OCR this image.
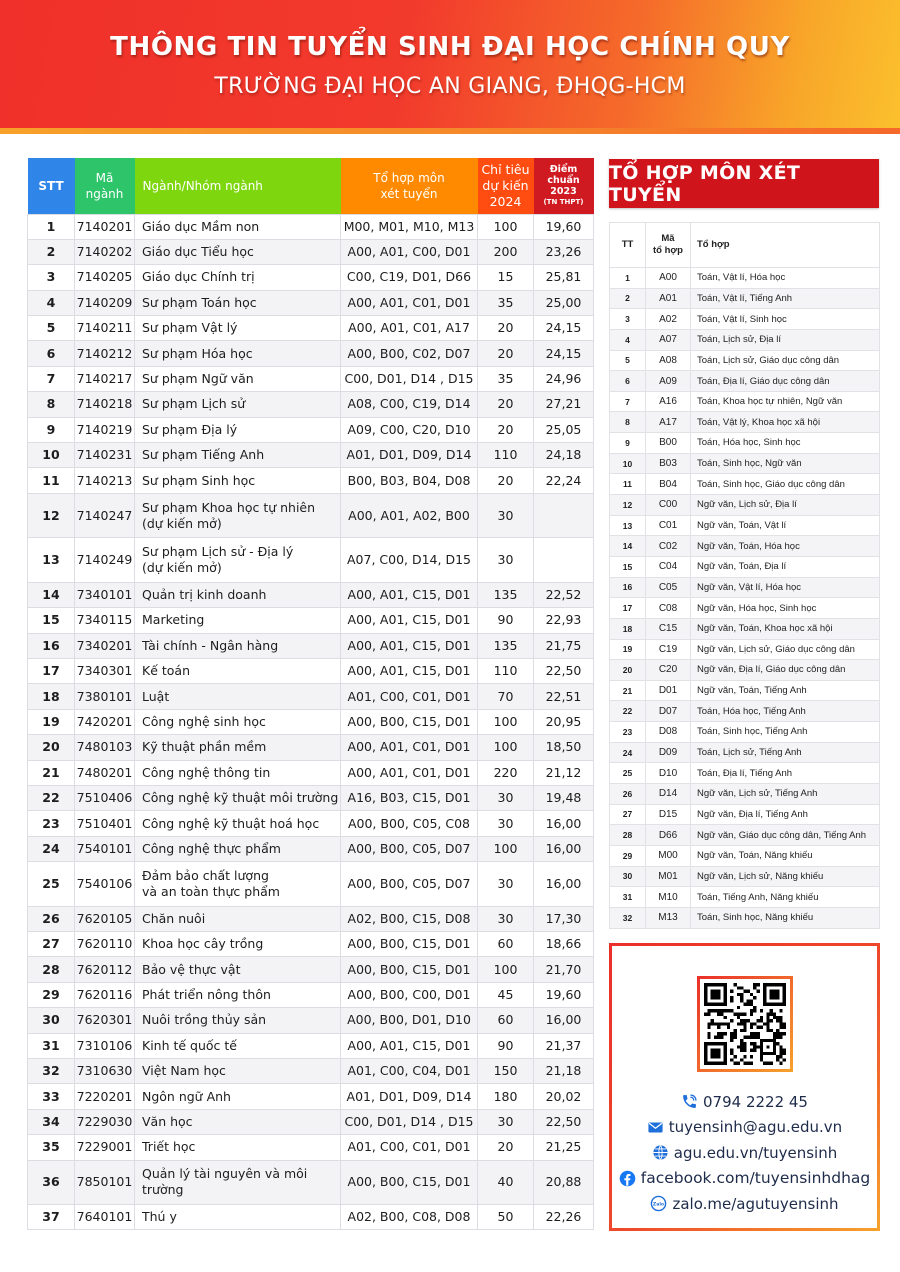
THÔNG TIN TUYỂN SINH ĐẠI HỌC CHÍNH QUY
TRƯỜNG ĐẠI HỌC AN GIANG, ĐHQG-HCM
STT	Mã
ngành	Ngành/Nhóm ngành	Tổ hợp môn
xét tuyển	Chỉ tiêu
dự kiến
2024	Điểm
chuẩn
2023
(TN THPT)

1	7140201	Giáo dục Mầm non	M00, M01, M10, M13	100	19,60
2	7140202	Giáo dục Tiểu học	A00, A01, C00, D01	200	23,26
3	7140205	Giáo dục Chính trị	C00, C19, D01, D66	15	25,81
4	7140209	Sư phạm Toán học	A00, A01, C01, D01	35	25,00
5	7140211	Sư phạm Vật lý	A00, A01, C01, A17	20	24,15
6	7140212	Sư phạm Hóa học	A00, B00, C02, D07	20	24,15
7	7140217	Sư phạm Ngữ văn	C00, D01, D14 , D15	35	24,96
8	7140218	Sư phạm Lịch sử	A08, C00, C19, D14	20	27,21
9	7140219	Sư phạm Địa lý	A09, C00, C20, D10	20	25,05
10	7140231	Sư phạm Tiếng Anh	A01, D01, D09, D14	110	24,18
11	7140213	Sư phạm Sinh học	B00, B03, B04, D08	20	22,24
12	7140247	Sư phạm Khoa học tự nhiên
(dự kiến mở)	A00, A01, A02, B00	30	
13	7140249	Sư phạm Lịch sử - Địa lý
(dự kiến mở)	A07, C00, D14, D15	30	
14	7340101	Quản trị kinh doanh	A00, A01, C15, D01	135	22,52
15	7340115	Marketing	A00, A01, C15, D01	90	22,93
16	7340201	Tài chính - Ngân hàng	A00, A01, C15, D01	135	21,75
17	7340301	Kế toán	A00, A01, C15, D01	110	22,50
18	7380101	Luật	A01, C00, C01, D01	70	22,51
19	7420201	Công nghệ sinh học	A00, B00, C15, D01	100	20,95
20	7480103	Kỹ thuật phần mềm	A00, A01, C01, D01	100	18,50
21	7480201	Công nghệ thông tin	A00, A01, C01, D01	220	21,12
22	7510406	Công nghệ kỹ thuật môi trường	A16, B03, C15, D01	30	19,48
23	7510401	Công nghệ kỹ thuật hoá học	A00, B00, C05, C08	30	16,00
24	7540101	Công nghệ thực phẩm	A00, B00, C05, D07	100	16,00
25	7540106	Đảm bảo chất lượng
và an toàn thực phẩm	A00, B00, C05, D07	30	16,00
26	7620105	Chăn nuôi	A02, B00, C15, D08	30	17,30
27	7620110	Khoa học cây trồng	A00, B00, C15, D01	60	18,66
28	7620112	Bảo vệ thực vật	A00, B00, C15, D01	100	21,70
29	7620116	Phát triển nông thôn	A00, B00, C00, D01	45	19,60
30	7620301	Nuôi trồng thủy sản	A00, B00, D01, D10	60	16,00
31	7310106	Kinh tế quốc tế	A00, A01, C15, D01	90	21,37
32	7310630	Việt Nam học	A01, C00, C04, D01	150	21,18
33	7220201	Ngôn ngữ Anh	A01, D01, D09, D14	180	20,02
34	7229030	Văn học	C00, D01, D14 , D15	30	22,50
35	7229001	Triết học	A01, C00, C01, D01	20	21,25
36	7850101	Quản lý tài nguyên và môi
trường	A00, B00, C15, D01	40	20,88
37	7640101	Thú y	A02, B00, C08, D08	50	22,26
TỔ HỢP MÔN XÉT TUYỂN
TT	Mã
tổ hợp	Tổ hợp
1	A00	Toán, Vật lí, Hóa học
2	A01	Toán, Vật lí, Tiếng Anh
3	A02	Toán, Vật lí, Sinh học
4	A07	Toán, Lịch sử, Địa lí
5	A08	Toán, Lịch sử, Giáo dục công dân
6	A09	Toán, Địa lí, Giáo dục công dân
7	A16	Toán, Khoa học tự nhiên, Ngữ văn
8	A17	Toán, Vật lý, Khoa học xã hội
9	B00	Toán, Hóa học, Sinh học
10	B03	Toán, Sinh học, Ngữ văn
11	B04	Toán, Sinh học, Giáo dục công dân
12	C00	Ngữ văn, Lịch sử, Địa lí
13	C01	Ngữ văn, Toán, Vật lí
14	C02	Ngữ văn, Toán, Hóa học
15	C04	Ngữ văn, Toán, Địa lí
16	C05	Ngữ văn, Vật lí, Hóa học
17	C08	Ngữ văn, Hóa học, Sinh học
18	C15	Ngữ văn, Toán, Khoa học xã hội
19	C19	Ngữ văn, Lịch sử, Giáo dục công dân
20	C20	Ngữ văn, Địa lí, Giáo dục công dân
21	D01	Ngữ văn, Toán, Tiếng Anh
22	D07	Toán, Hóa học, Tiếng Anh
23	D08	Toán, Sinh học, Tiếng Anh
24	D09	Toán, Lịch sử, Tiếng Anh
25	D10	Toán, Địa lí, Tiếng Anh
26	D14	Ngữ văn, Lịch sử, Tiếng Anh
27	D15	Ngữ văn, Địa lí, Tiếng Anh
28	D66	Ngữ văn, Giáo dục công dân, Tiếng Anh
29	M00	Ngữ văn, Toán, Năng khiếu
30	M01	Ngữ văn, Lịch sử, Năng khiếu
31	M10	Toán, Tiếng Anh, Năng khiếu
32	M13	Toán, Sinh học, Năng khiếu
0794 2222 45
tuyensinh@agu.edu.vn
agu.edu.vn/tuyensinh
facebook.com/tuyensinhdhag
Zalo zalo.me/agutuyensinh
